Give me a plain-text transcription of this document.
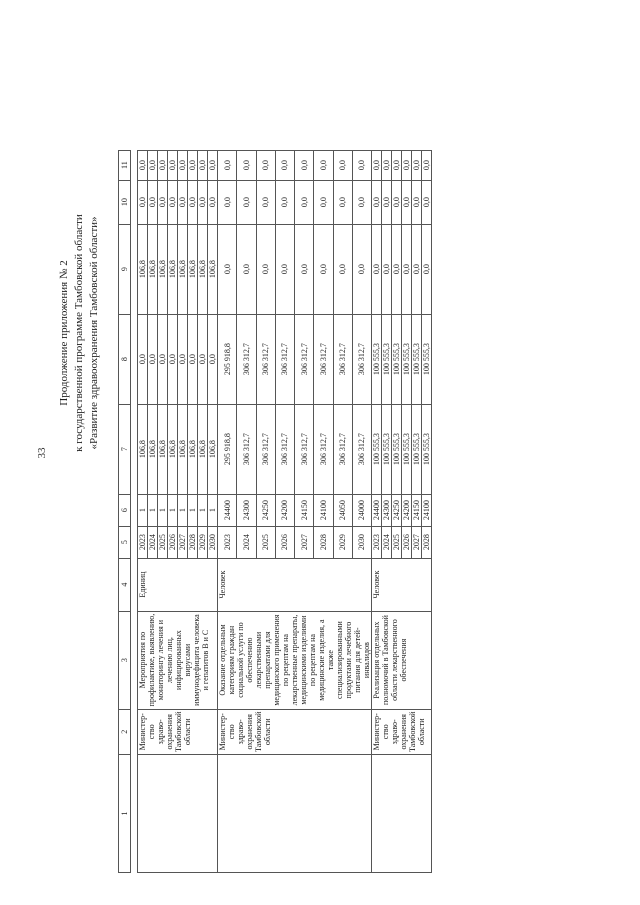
33
Продолжение приложения № 2 к государственной программе Тамбовской области «Развитие здравоохранения Тамбовской области»
1	2	3	4	5	6	7	8	9	10	11

	Министер-ство здраво-охранения Тамбовской области	Мероприятия по профилактике, выявлению, мониторингу лечения и лечению лиц, инфицированных вирусами иммунодефицита человека и гепатитов В и С	Единиц	2023	1	106,8	0,0	106,8	0,0	0,0
				2024	1	106,8	0,0	106,8	0,0	0,0
				2025	1	106,8	0,0	106,8	0,0	0,0
				2026	1	106,8	0,0	106,8	0,0	0,0
				2027	1	106,8	0,0	106,8	0,0	0,0
				2028	1	106,8	0,0	106,8	0,0	0,0
				2029	1	106,8	0,0	106,8	0,0	0,0
				2030	1	106,8	0,0	106,8	0,0	0,0
	Министер-ство здраво-охранения Тамбовской области	Оказание отдельным категориям граждан социальной услуги по обеспечению лекарственными препаратами для медицинского применения по рецептам на лекарственные препараты, медицинскими изделиями по рецептам на медицинские изделия, а также специализированными продуктами лечебного питания для детей-инвалидов	Человек	2023	24400	295 918,8	295 918,8	0,0	0,0	0,0
				2024	24300	306 312,7	306 312,7	0,0	0,0	0,0
				2025	24250	306 312,7	306 312,7	0,0	0,0	0,0
				2026	24200	306 312,7	306 312,7	0,0	0,0	0,0
				2027	24150	306 312,7	306 312,7	0,0	0,0	0,0
				2028	24100	306 312,7	306 312,7	0,0	0,0	0,0
				2029	24050	306 312,7	306 312,7	0,0	0,0	0,0
				2030	24000	306 312,7	306 312,7	0,0	0,0	0,0
	Министер-ство здраво-охранения Тамбовской области	Реализация отдельных полномочий в Тамбовской области лекарственного обеспечения	Человек	2023	24400	100 555,3	100 555,3	0,0	0,0	0,0
				2024	24300	100 555,3	100 555,3	0,0	0,0	0,0
				2025	24250	100 555,3	100 555,3	0,0	0,0	0,0
				2026	24200	100 555,3	100 555,3	0,0	0,0	0,0
				2027	24150	100 555,3	100 555,3	0,0	0,0	0,0
				2028	24100	100 555,3	100 555,3	0,0	0,0	0,0
